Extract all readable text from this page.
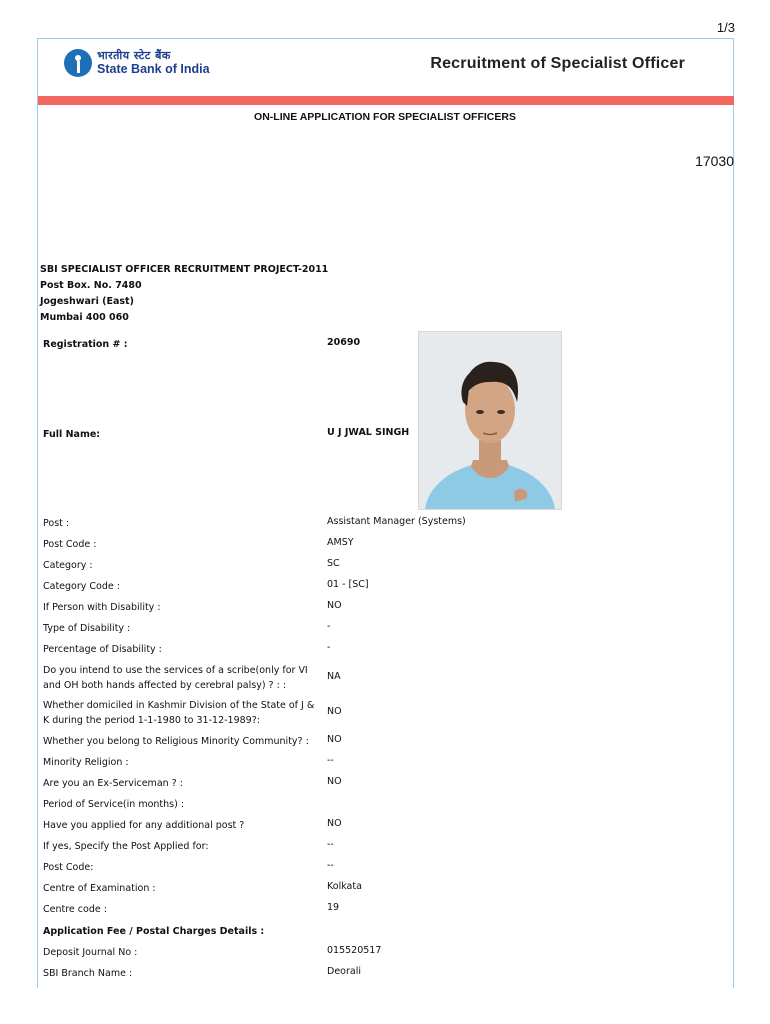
1/3
भारतीय स्टेट बैंक
State Bank of India	Recruitment of Specialist Officer
ON-LINE APPLICATION FOR SPECIALIST OFFICERS
17030
SBI SPECIALIST OFFICER RECRUITMENT PROJECT-2011
Post Box. No. 7480
Jogeshwari (East)
Mumbai 400 060
Registration # :	20690
Full Name:	U J JWAL SINGH
Post :	Assistant Manager (Systems)
Post Code :	AMSY
Category :	SC
Category Code :	01 - [SC]
If Person with Disability :	NO
Type of Disability :	-
Percentage of Disability :	-
Do you intend to use the services of a scribe(only for VI and OH both hands affected by cerebral palsy) ? : :
NA
Whether domiciled in Kashmir Division of the State of J & K during the period 1-1-1980 to 31-12-1989?:
NO
Whether you belong to Religious Minority Community? :	NO
Minority Religion :	--
Are you an Ex-Serviceman ? :	NO
Period of Service(in months) :
Have you applied for any additional post ?	NO
If yes, Specify the Post Applied for:	--
Post Code:	--
Centre of Examination :	Kolkata
Centre code :	19
Application Fee / Postal Charges Details :
Deposit Journal No :	015520517
SBI Branch Name :	Deorali
